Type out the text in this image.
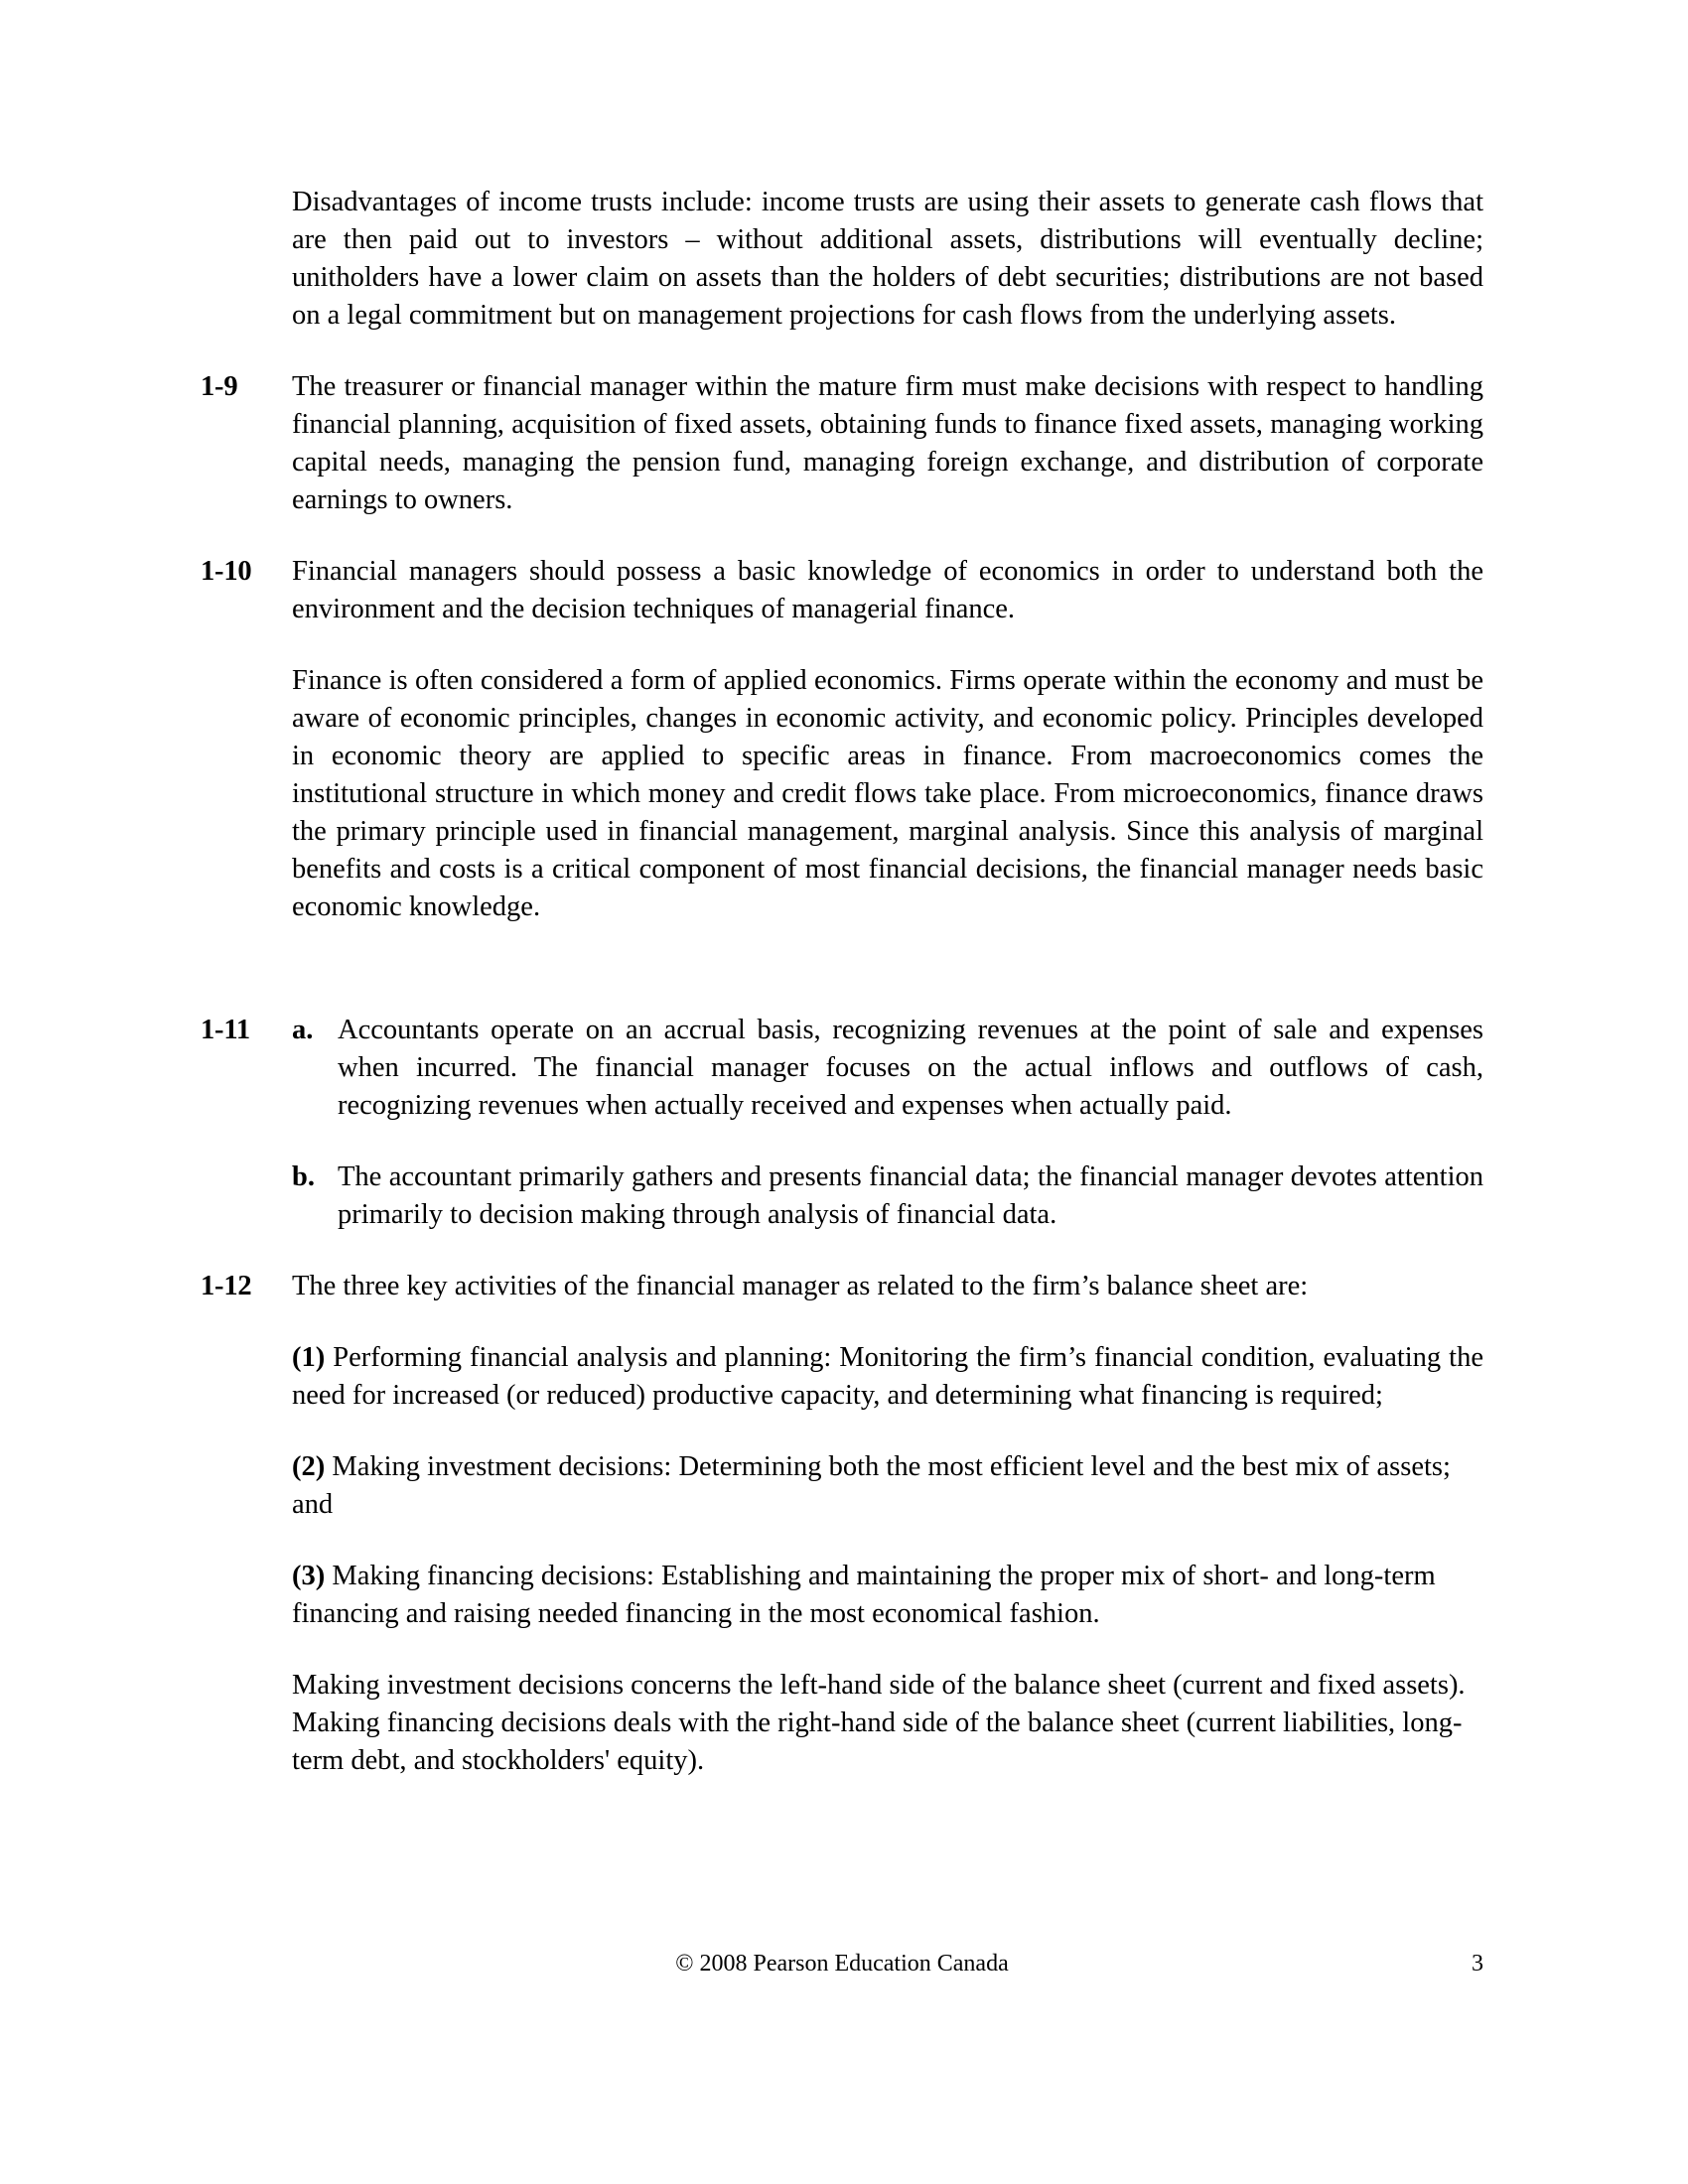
Disadvantages of income trusts include: income trusts are using their assets to generate cash flows that are then paid out to investors – without additional assets, distributions will eventually decline; unitholders have a lower claim on assets than the holders of debt securities; distributions are not based on a legal commitment but on management projections for cash flows from the underlying assets.
1-9	The treasurer or financial manager within the mature firm must make decisions with respect to handling financial planning, acquisition of fixed assets, obtaining funds to finance fixed assets, managing working capital needs, managing the pension fund, managing foreign exchange, and distribution of corporate earnings to owners.
1-10	Financial managers should possess a basic knowledge of economics in order to understand both the environment and the decision techniques of managerial finance.
Finance is often considered a form of applied economics. Firms operate within the economy and must be aware of economic principles, changes in economic activity, and economic policy. Principles developed in economic theory are applied to specific areas in finance. From macroeconomics comes the institutional structure in which money and credit flows take place. From microeconomics, finance draws the primary principle used in financial management, marginal analysis. Since this analysis of marginal benefits and costs is a critical component of most financial decisions, the financial manager needs basic economic knowledge.
1-11	a. Accountants operate on an accrual basis, recognizing revenues at the point of sale and expenses when incurred. The financial manager focuses on the actual inflows and outflows of cash, recognizing revenues when actually received and expenses when actually paid.
b. The accountant primarily gathers and presents financial data; the financial manager devotes attention primarily to decision making through analysis of financial data.
1-12	The three key activities of the financial manager as related to the firm’s balance sheet are:
(1) Performing financial analysis and planning: Monitoring the firm’s financial condition, evaluating the need for increased (or reduced) productive capacity, and determining what financing is required;
(2) Making investment decisions: Determining both the most efficient level and the best mix of assets; and
(3) Making financing decisions: Establishing and maintaining the proper mix of short- and long-term financing and raising needed financing in the most economical fashion.
Making investment decisions concerns the left-hand side of the balance sheet (current and fixed assets). Making financing decisions deals with the right-hand side of the balance sheet (current liabilities, long-term debt, and stockholders' equity).
© 2008 Pearson Education Canada	3
